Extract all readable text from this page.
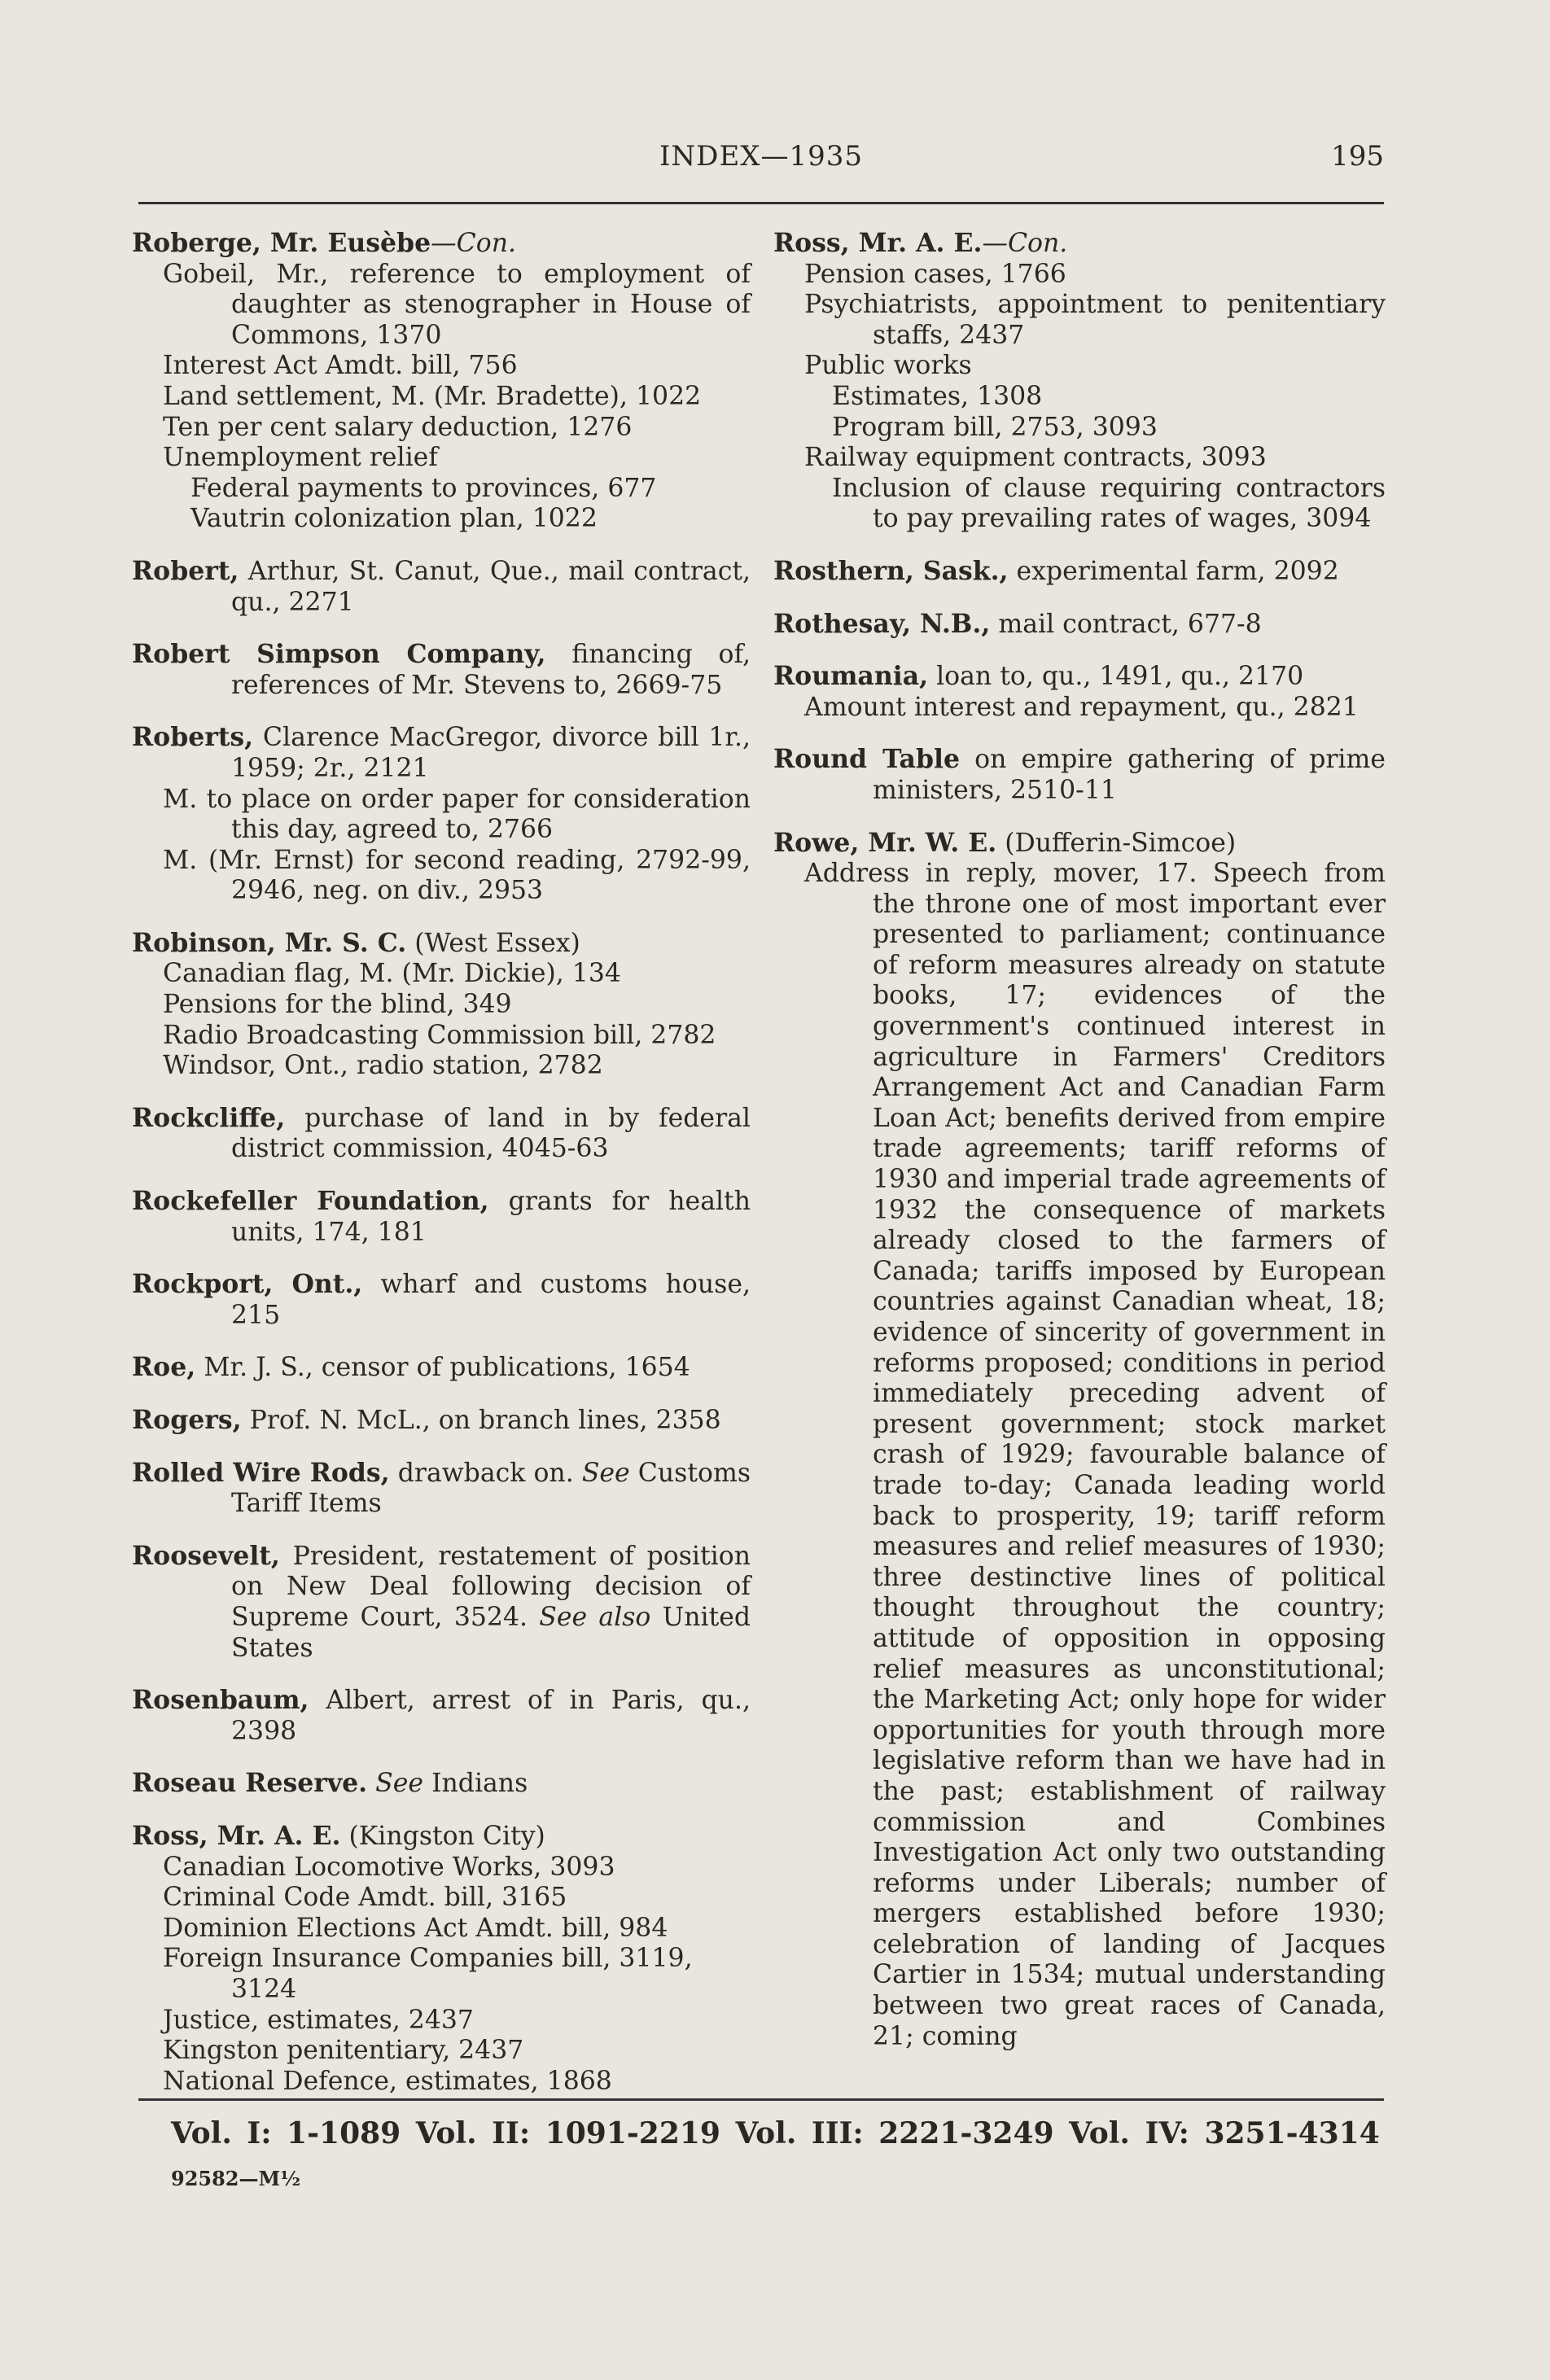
INDEX—1935	195
Roberge, Mr. Eusèbe—Con.
Gobeil, Mr., reference to employment of daughter as stenographer in House of Commons, 1370
Interest Act Amdt. bill, 756
Land settlement, M. (Mr. Bradette), 1022
Ten per cent salary deduction, 1276
Unemployment relief
Federal payments to provinces, 677
Vautrin colonization plan, 1022
Robert, Arthur, St. Canut, Que., mail contract, qu., 2271
Robert Simpson Company, financing of, references of Mr. Stevens to, 2669-75
Roberts, Clarence MacGregor, divorce bill 1r., 1959; 2r., 2121
M. to place on order paper for consideration this day, agreed to, 2766
M. (Mr. Ernst) for second reading, 2792-99, 2946, neg. on div., 2953
Robinson, Mr. S. C. (West Essex)
Canadian flag, M. (Mr. Dickie), 134
Pensions for the blind, 349
Radio Broadcasting Commission bill, 2782
Windsor, Ont., radio station, 2782
Rockcliffe, purchase of land in by federal district commission, 4045-63
Rockefeller Foundation, grants for health units, 174, 181
Rockport, Ont., wharf and customs house, 215
Roe, Mr. J. S., censor of publications, 1654
Rogers, Prof. N. McL., on branch lines, 2358
Rolled Wire Rods, drawback on. See Customs Tariff Items
Roosevelt, President, restatement of position on New Deal following decision of Supreme Court, 3524. See also United States
Rosenbaum, Albert, arrest of in Paris, qu., 2398
Roseau Reserve. See Indians
Ross, Mr. A. E. (Kingston City)
Canadian Locomotive Works, 3093
Criminal Code Amdt. bill, 3165
Dominion Elections Act Amdt. bill, 984
Foreign Insurance Companies bill, 3119, 3124
Justice, estimates, 2437
Kingston penitentiary, 2437
National Defence, estimates, 1868
Ross, Mr. A. E.—Con.
Pension cases, 1766
Psychiatrists, appointment to penitentiary staffs, 2437
Public works
Estimates, 1308
Program bill, 2753, 3093
Railway equipment contracts, 3093
Inclusion of clause requiring contractors to pay prevailing rates of wages, 3094
Rosthern, Sask., experimental farm, 2092
Rothesay, N.B., mail contract, 677-8
Roumania, loan to, qu., 1491, qu., 2170
Amount interest and repayment, qu., 2821
Round Table on empire gathering of prime ministers, 2510-11
Rowe, Mr. W. E. (Dufferin-Simcoe)
Address in reply, mover, 17. Speech from the throne one of most important ever presented to parliament; continuance of reform measures already on statute books, 17; evidences of the government's continued interest in agriculture in Farmers' Creditors Arrangement Act and Canadian Farm Loan Act; benefits derived from empire trade agreements; tariff reforms of 1930 and imperial trade agreements of 1932 the consequence of markets already closed to the farmers of Canada; tariffs imposed by European countries against Canadian wheat, 18; evidence of sincerity of government in reforms proposed; conditions in period immediately preceding advent of present government; stock market crash of 1929; favourable balance of trade to-day; Canada leading world back to prosperity, 19; tariff reform measures and relief measures of 1930; three destinctive lines of political thought throughout the country; attitude of opposition in opposing relief measures as unconstitutional; the Marketing Act; only hope for wider opportunities for youth through more legislative reform than we have had in the past; establishment of railway commission and Combines Investigation Act only two outstanding reforms under Liberals; number of mergers established before 1930; celebration of landing of Jacques Cartier in 1534; mutual understanding between two great races of Canada, 21; coming
Vol. I: 1-1089 Vol. II: 1091-2219 Vol. III: 2221-3249 Vol. IV: 3251-4314
92582—M½
